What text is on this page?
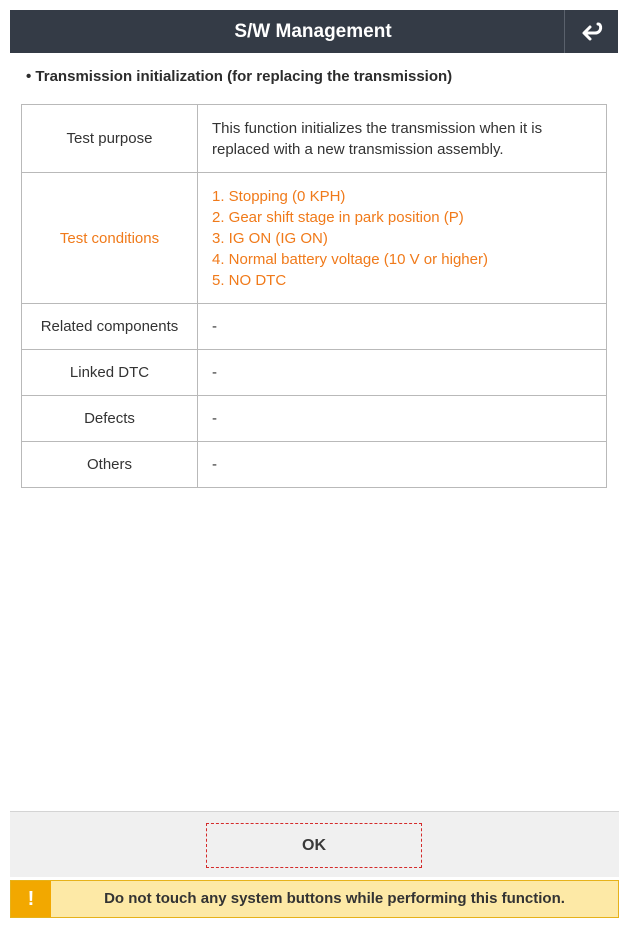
S/W Management
• Transmission initialization (for replacing the transmission)
Test purpose	This function initializes the transmission when it is
replaced with a new transmission assembly.

Test conditions	1. Stopping (0 KPH)
2. Gear shift stage in park position (P)
3. IG ON (IG ON)
4. Normal battery voltage (10 V or higher)
5. NO DTC

Related components	-
Linked DTC	-
Defects	-
Others	-
OK
!	Do not touch any system buttons while performing this function.
